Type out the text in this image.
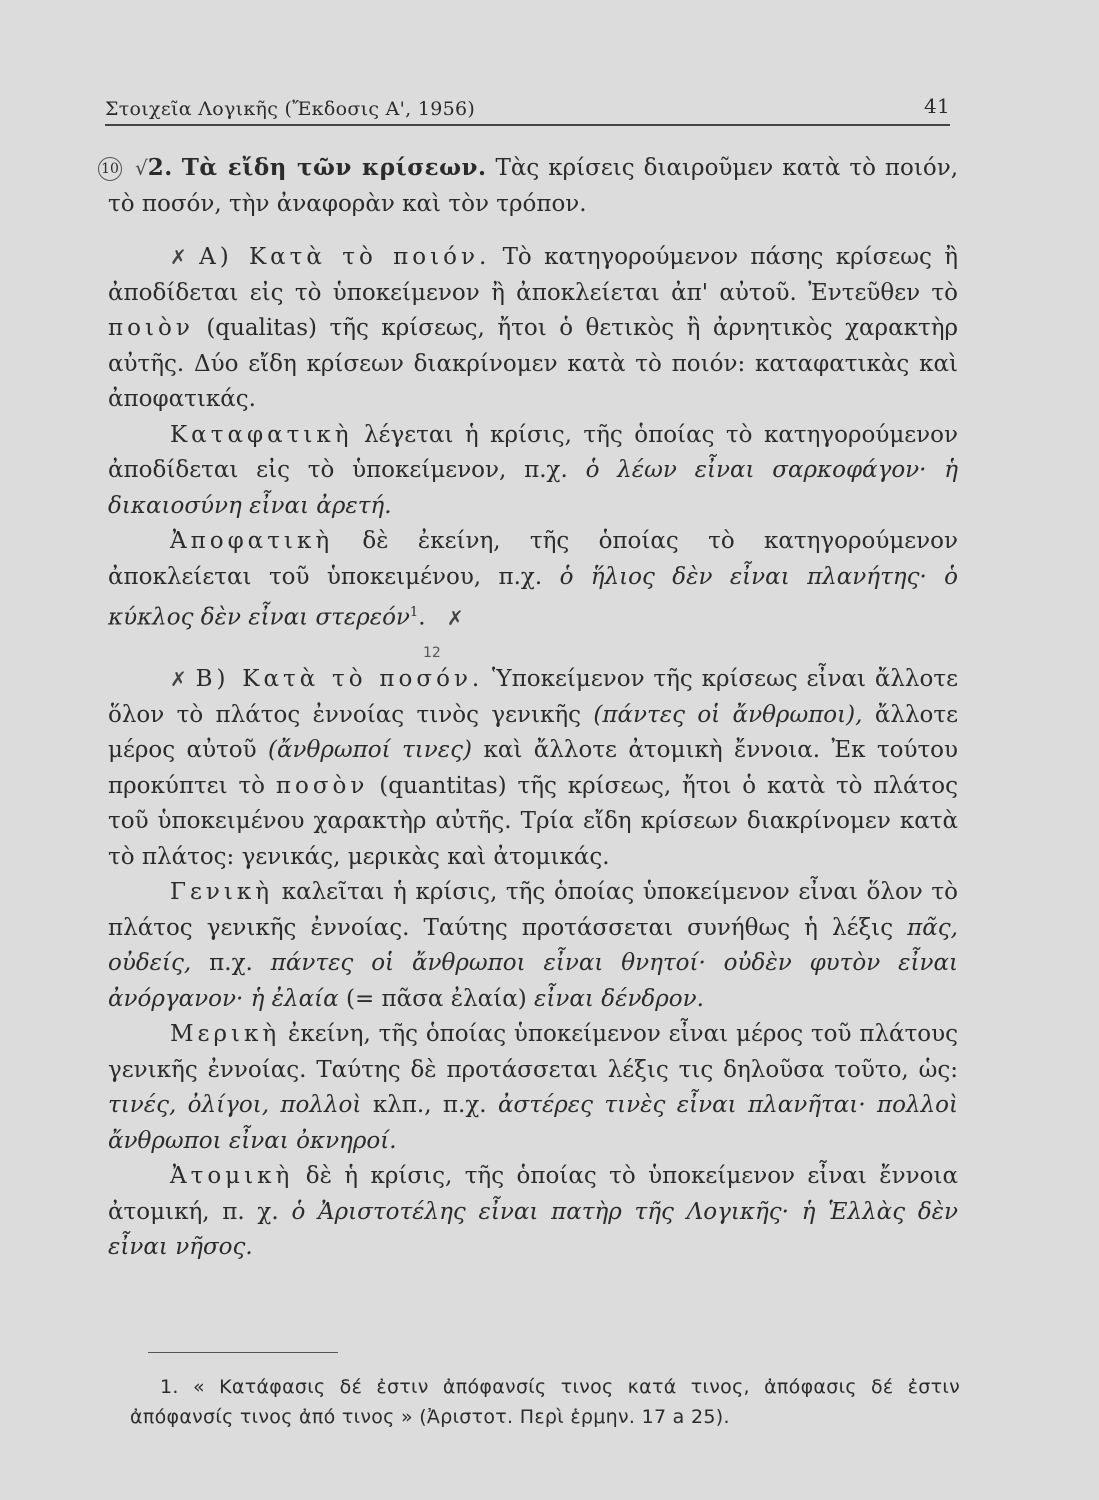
Στοιχεῖα Λογικῆς (Ἔκδοσις Α', 1956)	41

10 √2. Τὰ εἴδη τῶν κρίσεων. Τὰς κρίσεις διαιροῦμεν κατὰ τὸ ποιόν, τὸ ποσόν, τὴν ἀναφορὰν καὶ τὸν τρόπον.

✗ Α) Κατὰ τὸ ποιόν. Τὸ κατηγορούμενον πάσης κρίσεως ἢ ἀποδίδεται εἰς τὸ ὑποκείμενον ἢ ἀποκλείεται ἀπ' αὐτοῦ. Ἐντεῦθεν τὸ ποιὸν (qualitas) τῆς κρίσεως, ἤτοι ὁ θετικὸς ἢ ἀρνητικὸς χαρακτὴρ αὐτῆς. Δύο εἴδη κρίσεων διακρίνομεν κατὰ τὸ ποιόν: καταφατικὰς καὶ ἀποφατικάς.

Καταφατικὴ λέγεται ἡ κρίσις, τῆς ὁποίας τὸ κατηγορούμενον ἀποδίδεται εἰς τὸ ὑποκείμενον, π.χ. ὁ λέων εἶναι σαρκοφάγον· ἡ δικαιοσύνη εἶναι ἀρετή.

Ἀποφατικὴ δὲ ἐκείνη, τῆς ὁποίας τὸ κατηγορούμενον ἀποκλείεται τοῦ ὑποκειμένου, π.χ. ὁ ἥλιος δὲν εἶναι πλανήτης· ὁ κύκλος δὲν εἶναι στερεόν$^1$. ✗

✗ Β) Κατὰ τὸ ποσόν. Ὑποκείμενον τῆς κρίσεως εἶναι ἄλλοτε ὅλον τὸ πλάτος ἐννοίας τινὸς γενικῆς (πάντες οἱ ἄνθρωποι), ἄλλοτε μέρος αὐτοῦ (ἄνθρωποί τινες) καὶ ἄλλοτε ἀτομικὴ ἔννοια. Ἐκ τούτου προκύπτει τὸ ποσὸν (quantitas) τῆς κρίσεως, ἤτοι ὁ κατὰ τὸ πλάτος τοῦ ὑποκειμένου χαρακτὴρ αὐτῆς. Τρία εἴδη κρίσεων διακρίνομεν κατὰ τὸ πλάτος: γενικάς, μερικὰς καὶ ἀτομικάς.

Γενικὴ καλεῖται ἡ κρίσις, τῆς ὁποίας ὑποκείμενον εἶναι ὅλον τὸ πλάτος γενικῆς ἐννοίας. Ταύτης προτάσσεται συνήθως ἡ λέξις πᾶς, οὐδείς, π.χ. πάντες οἱ ἄνθρωποι εἶναι θνητοί· οὐδὲν φυτὸν εἶναι ἀνόργανον· ἡ ἐλαία (= πᾶσα ἐλαία) εἶναι δένδρον.

Μερικὴ ἐκείνη, τῆς ὁποίας ὑποκείμενον εἶναι μέρος τοῦ πλάτους γενικῆς ἐννοίας. Ταύτης δὲ προτάσσεται λέξις τις δηλοῦσα τοῦτο, ὡς: τινές, ὀλίγοι, πολλοὶ κλπ., π.χ. ἀστέρες τινὲς εἶναι πλανῆται· πολλοὶ ἄνθρωποι εἶναι ὀκνηροί.

Ἀτομικὴ δὲ ἡ κρίσις, τῆς ὁποίας τὸ ὑποκείμενον εἶναι ἔννοια ἀτομική, π. χ. ὁ Ἀριστοτέλης εἶναι πατὴρ τῆς Λογικῆς· ἡ Ἑλλὰς δὲν εἶναι νῆσος.

12

1. « Κατάφασις δέ ἐστιν ἀπόφανσίς τινος κατά τινος, ἀπόφασις δέ ἐστιν ἀπόφανσίς τινος ἀπό τινος » (Ἀριστοτ. Περὶ ἑρμην. 17 a 25).
